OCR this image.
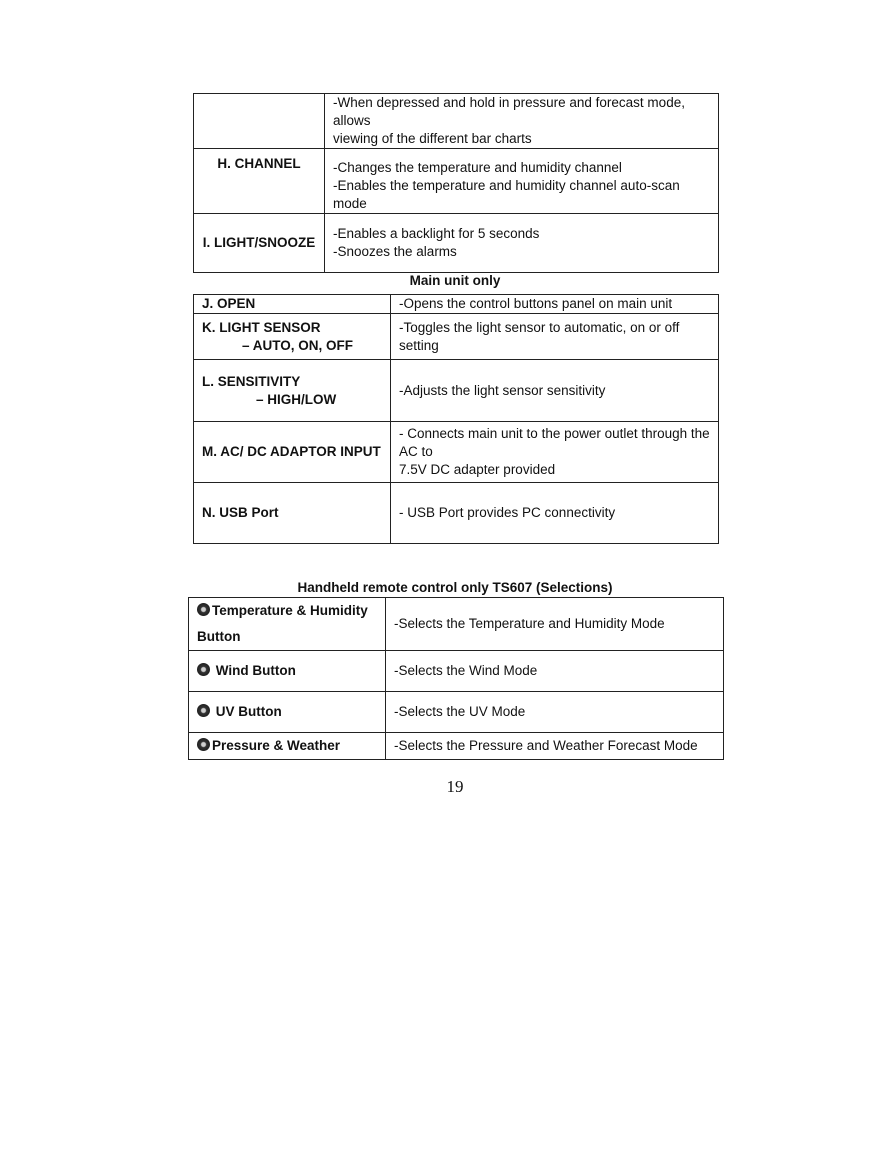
	-When depressed and hold in pressure and forecast mode, allows
viewing of the different bar charts

H. CHANNEL	-Changes the temperature and humidity channel
-Enables the temperature and humidity channel auto-scan mode

I. LIGHT/SNOOZE	-Enables a backlight for 5 seconds
-Snoozes the alarms
Main unit only
J. OPEN	-Opens the control buttons panel on main unit

K. LIGHT SENSOR
– AUTO, ON, OFF	-Toggles the light sensor to automatic, on or off setting

L. SENSITIVITY
– HIGH/LOW	-Adjusts the light sensor sensitivity
M. AC/ DC ADAPTOR INPUT	- Connects main unit to the power outlet through the AC to
7.5V DC adapter provided

N. USB Port	- USB Port provides PC connectivity
Handheld remote control only TS607 (Selections)
Temperature & Humidity
Button	-Selects the Temperature and Humidity Mode
Wind Button	-Selects the Wind Mode
UV Button	-Selects the UV Mode
Pressure & Weather	-Selects the Pressure and Weather Forecast Mode
19
